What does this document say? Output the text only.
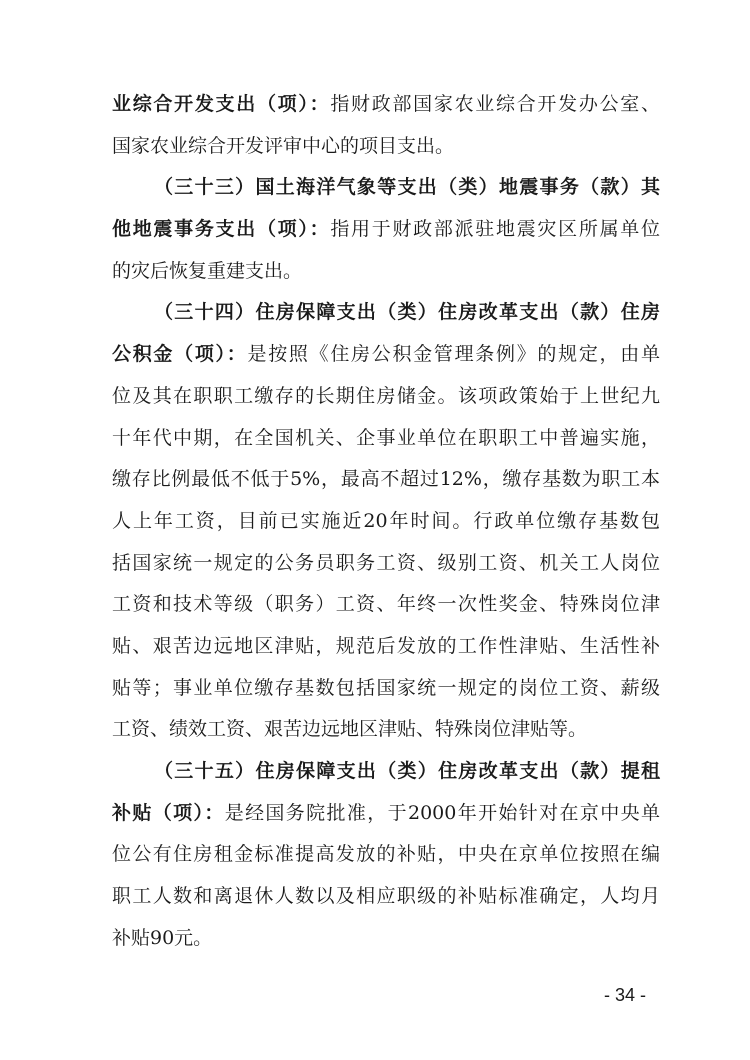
业综合开发支出（项）：指财政部国家农业综合开发办公室、
国家农业综合开发评审中心的项目支出。
（三十三）国土海洋气象等支出（类）地震事务（款）其
他地震事务支出（项）：指用于财政部派驻地震灾区所属单位
的灾后恢复重建支出。
（三十四）住房保障支出（类）住房改革支出（款）住房
公积金（项）：是按照《住房公积金管理条例》的规定，由单
位及其在职职工缴存的长期住房储金。该项政策始于上世纪九
十年代中期，在全国机关、企事业单位在职职工中普遍实施，
缴存比例最低不低于5%，最高不超过12%，缴存基数为职工本
人上年工资，目前已实施近20年时间。行政单位缴存基数包
括国家统一规定的公务员职务工资、级别工资、机关工人岗位
工资和技术等级（职务）工资、年终一次性奖金、特殊岗位津
贴、艰苦边远地区津贴，规范后发放的工作性津贴、生活性补
贴等；事业单位缴存基数包括国家统一规定的岗位工资、薪级
工资、绩效工资、艰苦边远地区津贴、特殊岗位津贴等。
（三十五）住房保障支出（类）住房改革支出（款）提租
补贴（项）：是经国务院批准，于2000年开始针对在京中央单
位公有住房租金标准提高发放的补贴，中央在京单位按照在编
职工人数和离退休人数以及相应职级的补贴标准确定，人均月
补贴90元。
- 34 -
